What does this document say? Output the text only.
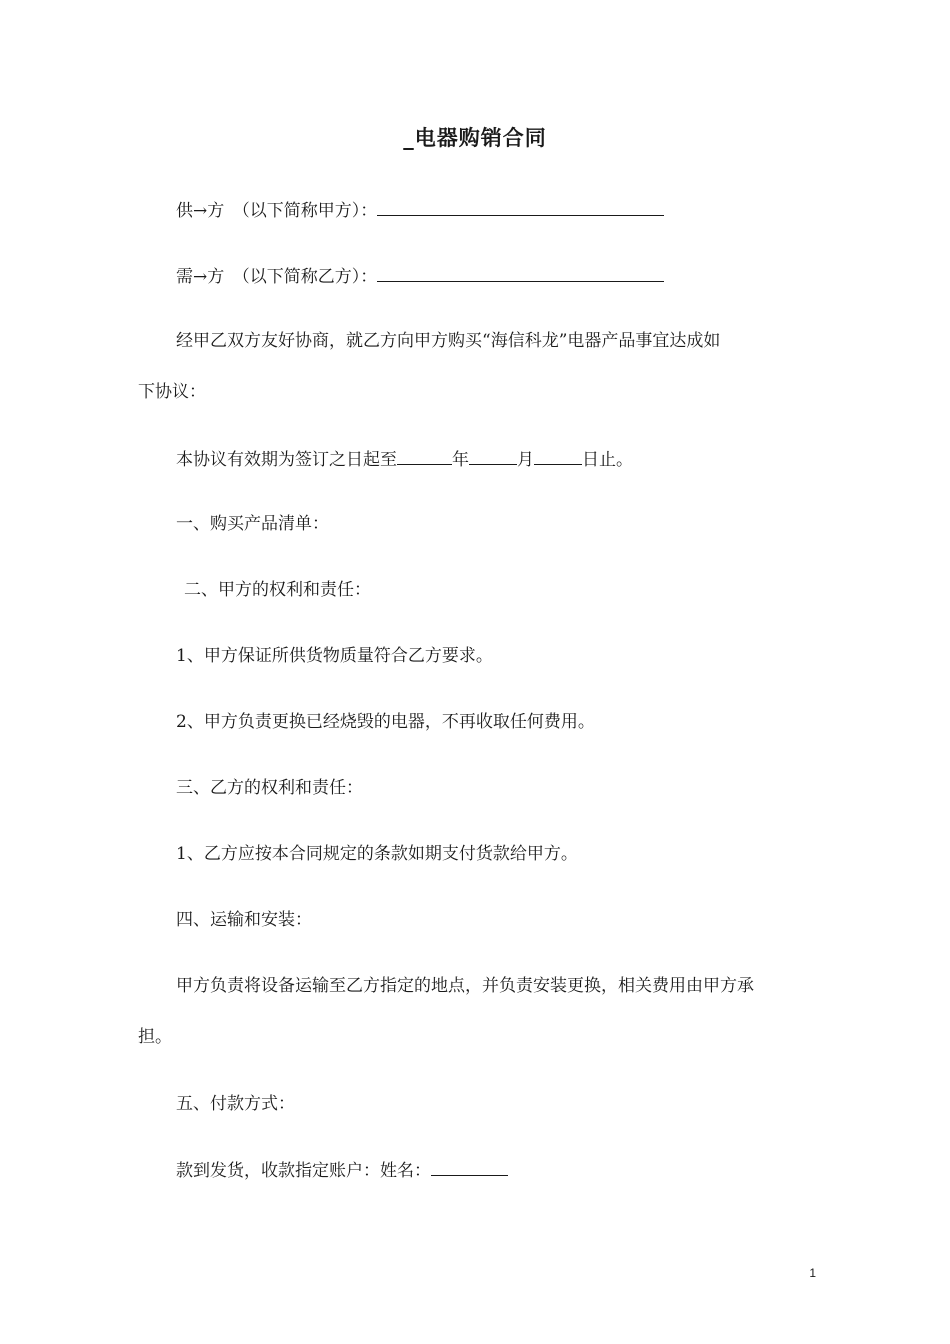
_电器购销合同
供→方　（以下简称甲方）：
需→方　（以下简称乙方）：
经甲乙双方友好协商，就乙方向甲方购买“海信科龙”电器产品事宜达成如
下协议：
本协议有效期为签订之日起至	年	月	日止。
一、购买产品清单：
二、甲方的权利和责任：
1、甲方保证所供货物质量符合乙方要求。
2、甲方负责更换已经烧毁的电器，不再收取任何费用。
三、乙方的权利和责任：
1、乙方应按本合同规定的条款如期支付货款给甲方。
四、运输和安装：
甲方负责将设备运输至乙方指定的地点，并负责安装更换，相关费用由甲方承
担。
五、付款方式：
款到发货，收款指定账户：姓名：
1
